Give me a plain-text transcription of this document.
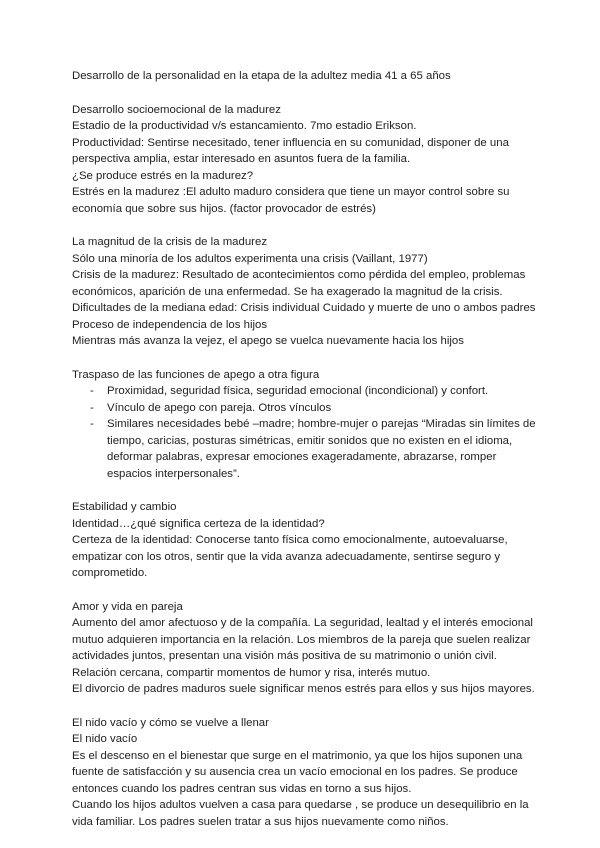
Desarrollo de la personalidad en la etapa de la adultez media 41 a 65 años

Desarrollo socioemocional de la madurez

Estadio de la productividad v/s estancamiento. 7mo estadio Erikson.

Productividad: Sentirse necesitado, tener influencia en su comunidad, disponer de una perspectiva amplia, estar interesado en asuntos fuera de la familia.

¿Se produce estrés en la madurez?

Estrés en la madurez :El adulto maduro considera que tiene un mayor control sobre su economía que sobre sus hijos. (factor provocador de estrés)

La magnitud de la crisis de la madurez

Sólo una minoría de los adultos experimenta una crisis (Vaillant, 1977)

Crisis de la madurez: Resultado de acontecimientos como pérdida del empleo, problemas económicos, aparición de una enfermedad. Se ha exagerado la magnitud de la crisis.

Dificultades de la mediana edad: Crisis individual Cuidado y muerte de uno o ambos padres

Proceso de independencia de los hijos

Mientras más avanza la vejez, el apego se vuelca nuevamente hacia los hijos

Traspaso de las funciones de apego a otra figura
- Proximidad, seguridad física, seguridad emocional (incondicional) y confort.
- Vínculo de apego con pareja. Otros vínculos
- Similares necesidades bebé –madre; hombre-mujer o parejas “Miradas sin límites de tiempo, caricias, posturas simétricas, emitir sonidos que no existen en el idioma, deformar palabras, expresar emociones exageradamente, abrazarse, romper espacios interpersonales”.
Estabilidad y cambio

Identidad…¿qué significa certeza de la identidad?

Certeza de la identidad: Conocerse tanto física como emocionalmente, autoevaluarse, empatizar con los otros, sentir que la vida avanza adecuadamente, sentirse seguro y comprometido.

Amor y vida en pareja

Aumento del amor afectuoso y de la compañía. La seguridad, lealtad y el interés emocional mutuo adquieren importancia en la relación. Los miembros de la pareja que suelen realizar actividades juntos, presentan una visión más positiva de su matrimonio o unión civil.

Relación cercana, compartir momentos de humor y risa, interés mutuo.

El divorcio de padres maduros suele significar menos estrés para ellos y sus hijos mayores.

El nido vacío y cómo se vuelve a llenar

El nido vacío

Es el descenso en el bienestar que surge en el matrimonio, ya que los hijos suponen una fuente de satisfacción y su ausencia crea un vacío emocional en los padres. Se produce entonces cuando los padres centran sus vidas en torno a sus hijos.

Cuando los hijos adultos vuelven a casa para quedarse , se produce un desequilibrio en la vida familiar. Los padres suelen tratar a sus hijos nuevamente como niños.
